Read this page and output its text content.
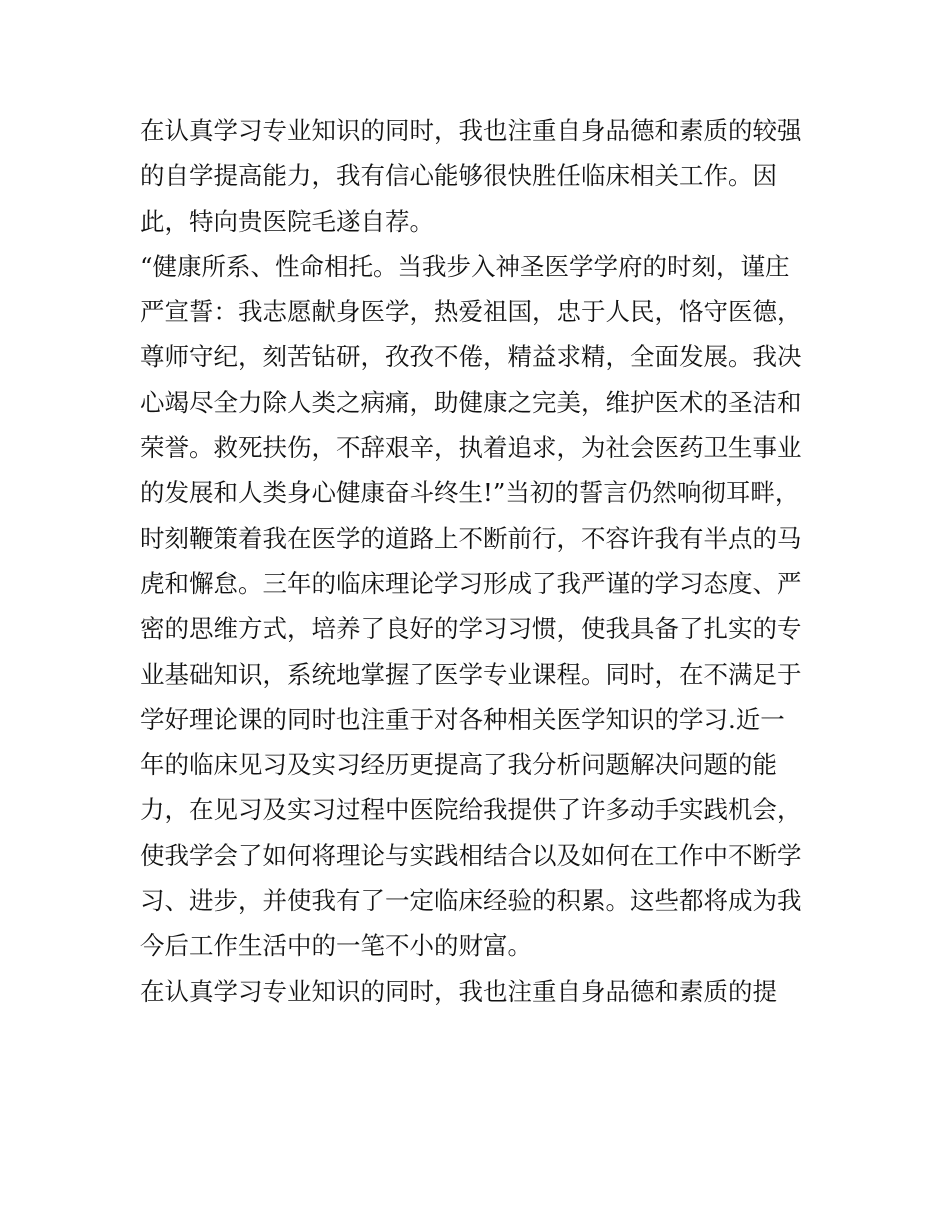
在认真学习专业知识的同时，我也注重自身品德和素质的较强
的自学提高能力，我有信心能够很快胜任临床相关工作。因
此，特向贵医院毛遂自荐。
“健康所系、性命相托。当我步入神圣医学学府的时刻，谨庄
严宣誓：我志愿献身医学，热爱祖国，忠于人民，恪守医德，
尊师守纪，刻苦钻研，孜孜不倦，精益求精，全面发展。我决
心竭尽全力除人类之病痛，助健康之完美，维护医术的圣洁和
荣誉。救死扶伤，不辞艰辛，执着追求，为社会医药卫生事业
的发展和人类身心健康奋斗终生!”当初的誓言仍然响彻耳畔，
时刻鞭策着我在医学的道路上不断前行，不容许我有半点的马
虎和懈怠。三年的临床理论学习形成了我严谨的学习态度、严
密的思维方式，培养了良好的学习习惯，使我具备了扎实的专
业基础知识，系统地掌握了医学专业课程。同时，在不满足于
学好理论课的同时也注重于对各种相关医学知识的学习.近一
年的临床见习及实习经历更提高了我分析问题解决问题的能
力，在见习及实习过程中医院给我提供了许多动手实践机会，
使我学会了如何将理论与实践相结合以及如何在工作中不断学
习、进步，并使我有了一定临床经验的积累。这些都将成为我
今后工作生活中的一笔不小的财富。
在认真学习专业知识的同时，我也注重自身品德和素质的提
